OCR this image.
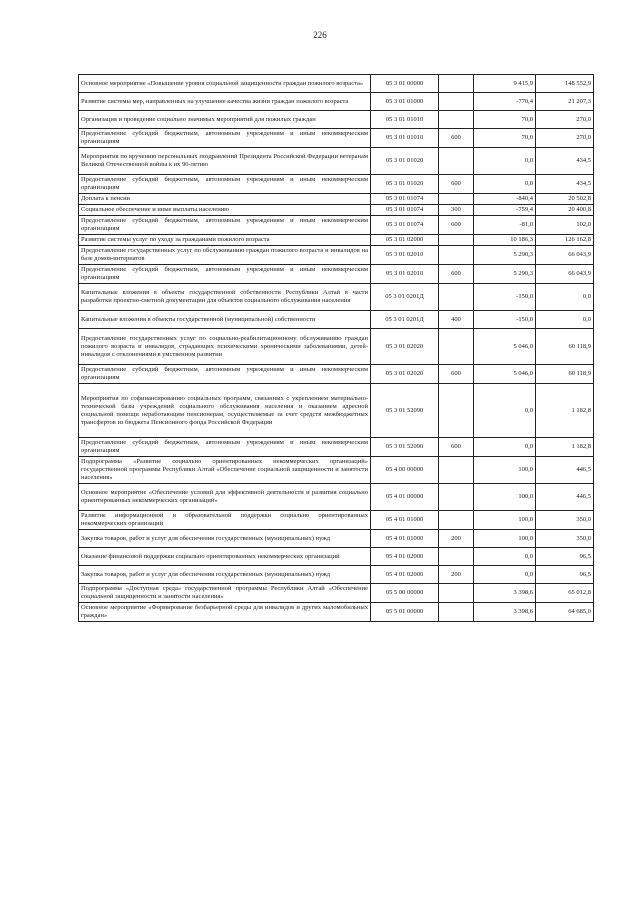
226
Основное мероприятие «Повышение уровня социальной защищенности граждан пожилого возраста»	05 3 01 00000		9 415,9	148 552,9
Развитие системы мер, направленных на улучшение качества жизни граждан пожилого возраста	05 3 01 01000		-770,4	21 207,3
Организация и проведение социально значимых мероприятий для пожилых граждан	05 3 01 01010		70,0	270,0
Предоставление субсидий бюджетным, автономным учреждениям и иным некоммерческим организациям	05 3 01 01010	600	70,0	270,0
Мероприятия по вручению персональных поздравлений Президента Российской Федерации ветеранам Великой Отечественной войны к их 90-летию	05 3 01 01020		0,0	434,5
Предоставление субсидий бюджетным, автономным учреждениям и иным некоммерческим организациям	05 3 01 01020	600	0,0	434,5
Доплата к пенсии	05 3 01 01074		-840,4	20 502,8
Социальное обеспечение и иные выплаты населению	05 3 01 01074	300	-759,4	20 400,8
Предоставление субсидий бюджетным, автономным учреждениям и иным некоммерческим организациям	05 3 01 01074	600	-81,0	102,0
Развитие системы услуг по уходу за гражданами пожилого возраста	05 3 01 02000		10 186,3	126 162,8
Предоставление государственных услуг по обслуживанию граждан пожилого возраста и инвалидов на базе домов-интернатов	05 3 01 02010		5 290,3	66 043,9
Предоставление субсидий бюджетным, автономным учреждениям и иным некоммерческим организациям	05 3 01 02010	600	5 290,3	66 043,9
Капитальные вложения в объекты государственной собственности Республики Алтай в части разработки проектно-сметной документации для объектов социального обслуживания населения	05 3 01 0201Д		-150,0	0,0
Капитальные вложения в объекты государственной (муниципальной) собственности	05 3 01 0201Д	400	-150,0	0,0
Предоставление государственных услуг по социально-реабилитационному обслуживанию граждан пожилого возраста и инвалидов, страдающих психическими хроническими заболеваниями, детей-инвалидов с отклонениями в умственном развитии	05 3 01 02020		5 046,0	60 118,9
Предоставление субсидий бюджетным, автономным учреждениям и иным некоммерческим организациям	05 3 01 02020	600	5 046,0	60 118,9
Мероприятия по софинансированию социальных программ, связанных с укреплением материально-технической базы учреждений социального обслуживания населения и оказанием адресной социальной помощи неработающим пенсионерам, осуществляемые за счет средств межбюджетных трансфертов из бюджета Пенсионного фонда Российской Федерации	05 3 01 52090		0,0	1 182,8
Предоставление субсидий бюджетным, автономным учреждениям и иным некоммерческим организациям	05 3 01 52090	600	0,0	1 182,8
Подпрограмма «Развитие социально ориентированных некоммерческих организаций» государственной программы Республики Алтай «Обеспечение социальной защищенности и занятости населения»	05 4 00 00000		100,0	446,5
Основное мероприятие «Обеспечение условий для эффективной деятельности и развития социально ориентированных некоммерческих организаций»	05 4 01 00000		100,0	446,5
Развитие информационной и образовательной поддержки социально ориентированных некоммерческих организаций	05 4 01 01000		100,0	350,0
Закупка товаров, работ и услуг для обеспечения государственных (муниципальных) нужд	05 4 01 01000	200	100,0	350,0
Оказание финансовой поддержки социально ориентированных некоммерческих организаций	05 4 01 02000		0,0	96,5
Закупка товаров, работ и услуг для обеспечения государственных (муниципальных) нужд	05 4 01 02000	200	0,0	96,5
Подпрограмма «Доступная среда» государственной программы Республики Алтай «Обеспечение социальной защищенности и занятости населения»	05 5 00 00000		3 398,6	65 012,8
Основное мероприятие «Формирование безбарьерной среды для инвалидов и других маломобильных граждан»	05 5 01 00000		3 398,6	64 685,0
